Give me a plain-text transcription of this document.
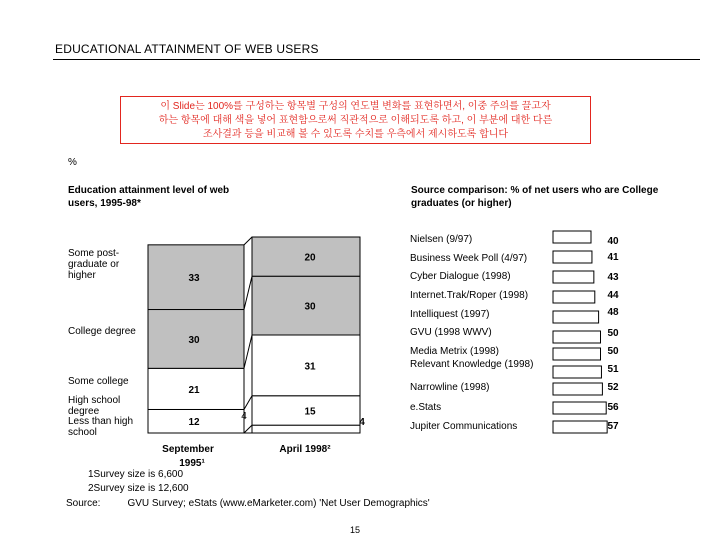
EDUCATIONAL ATTAINMENT OF WEB USERS
이 Slide는 100%를 구성하는 항목별 구성의 연도별 변화를 표현하면서, 이중 주의를 끌고자
하는 항목에 대해 색을 넣어 표현함으로써 직관적으로 이해되도록 하고, 이 부분에 대한 다른
조사결과 등을 비교해 볼 수 있도록 수치를 우측에서 제시하도록 합니다
%
Education attainment level of web users, 1995-98*
Source comparison: % of net users who are College graduates (or higher)
4
12
15
21
31
30
30
33
20
4
September
1995¹
April 1998²
40
41
43
44
48
50
50
51
52
56
57
Less than high school
High school degree
Some college
College degree
Some post-graduate or higher
Nielsen (9/97)
Business Week Poll (4/97)
Cyber Dialogue (1998)
Internet.Trak/Roper (1998)
Intelliquest (1997)
GVU (1998 WWV)
Media Metrix (1998)
Relevant Knowledge (1998)
Narrowline (1998)
e.Stats
Jupiter Communications
1Survey size is 6,600
2Survey size is 12,600
Source:	GVU Survey; eStats (www.eMarketer.com) 'Net User Demographics'
15
